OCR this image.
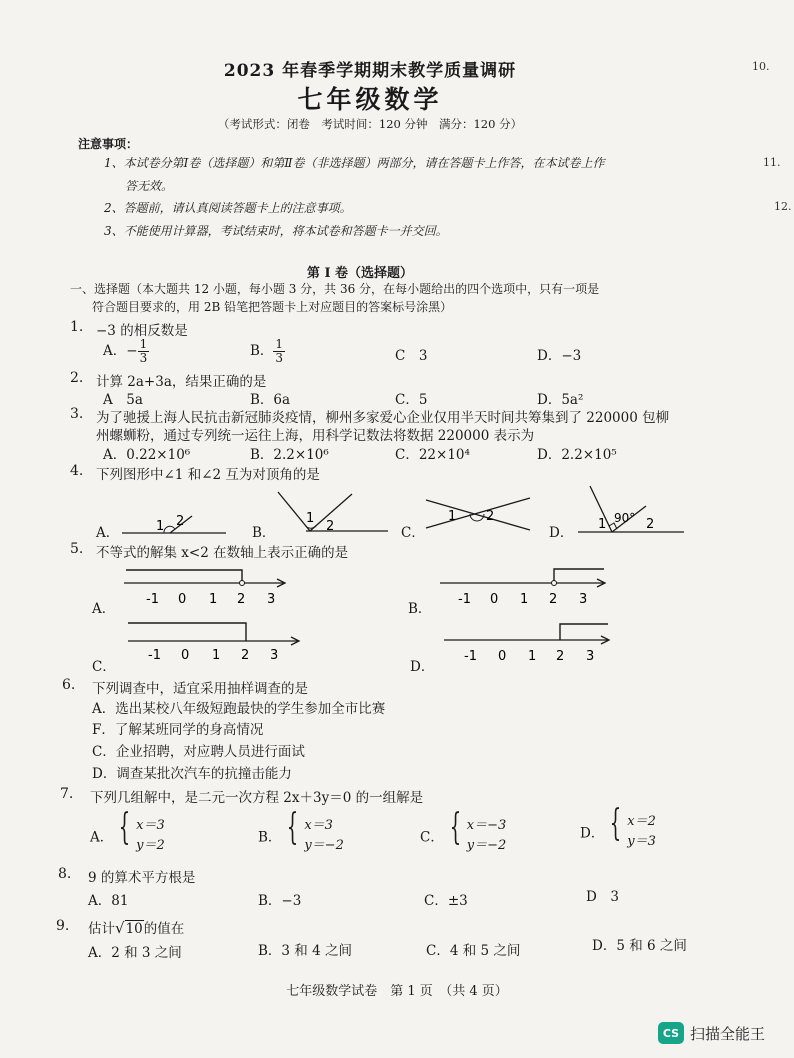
2023 年春季学期期末教学质量调研
七年级数学
（考试形式：闭卷　考试时间：120 分钟　满分：120 分）
注意事项：
1、本试卷分第Ⅰ卷（选择题）和第Ⅱ卷（非选择题）两部分，请在答题卡上作答，在本试卷上作
答无效。
2、答题前，请认真阅读答题卡上的注意事项。
3、不能使用计算器，考试结束时，将本试卷和答题卡一并交回。
第 Ⅰ 卷（选择题）
一、选择题（本大题共 12 小题，每小题 3 分，共 36 分，在每小题给出的四个选项中，只有一项是
符合题目要求的，用 2B 铅笔把答题卡上对应题目的答案标号涂黑）
1. −3 的相反数是
A．− $\frac{1}{3}$	B． $\frac{1}{3}$	C　3	D．−3
2. 计算 2a+3a，结果正确的是
A　5a	B．6a	C．5	D．5a²
3. 为了驰援上海人民抗击新冠肺炎疫情，柳州多家爱心企业仅用半天时间共筹集到了 220000 包柳
州螺蛳粉，通过专列统一运往上海，用科学记数法将数据 220000 表示为
A．0.22×10⁶	B．2.2×10⁶	C．22×10⁴	D．2.2×10⁵
4. 下列图形中∠1 和∠2 互为对顶角的是
A．	B．	C．	D．
1 2	1
2
1 2
1	2
90°
5. 不等式的解集 x<2 在数轴上表示正确的是
A．	B．
C．	D．
-1 0 1 2 3	-1 0 1 2 3
-1 0 1 2 3	-1 0 1 2 3
6. 下列调查中，适宜采用抽样调查的是
A．选出某校八年级短跑最快的学生参加全市比赛
F．了解某班同学的身高情况
C．企业招聘，对应聘人员进行面试
D．调查某批次汽车的抗撞击能力
7. 下列几组解中，是二元一次方程 2x＋3y＝0 的一组解是
A． { x＝3
y＝2	B． { x＝3
y＝−2	C． { x＝−3
y＝−2
D． { x＝2
y＝3
8. 9 的算术平方根是
A．81	B．−3	C．±3	D　3
9. 估计√10的值在
A．2 和 3 之间	B．3 和 4 之间	C．4 和 5 之间	D．5 和 6 之间
七年级数学试卷　第 1 页　（共 4 页）
10.
11.
12.
CS 扫描全能王
